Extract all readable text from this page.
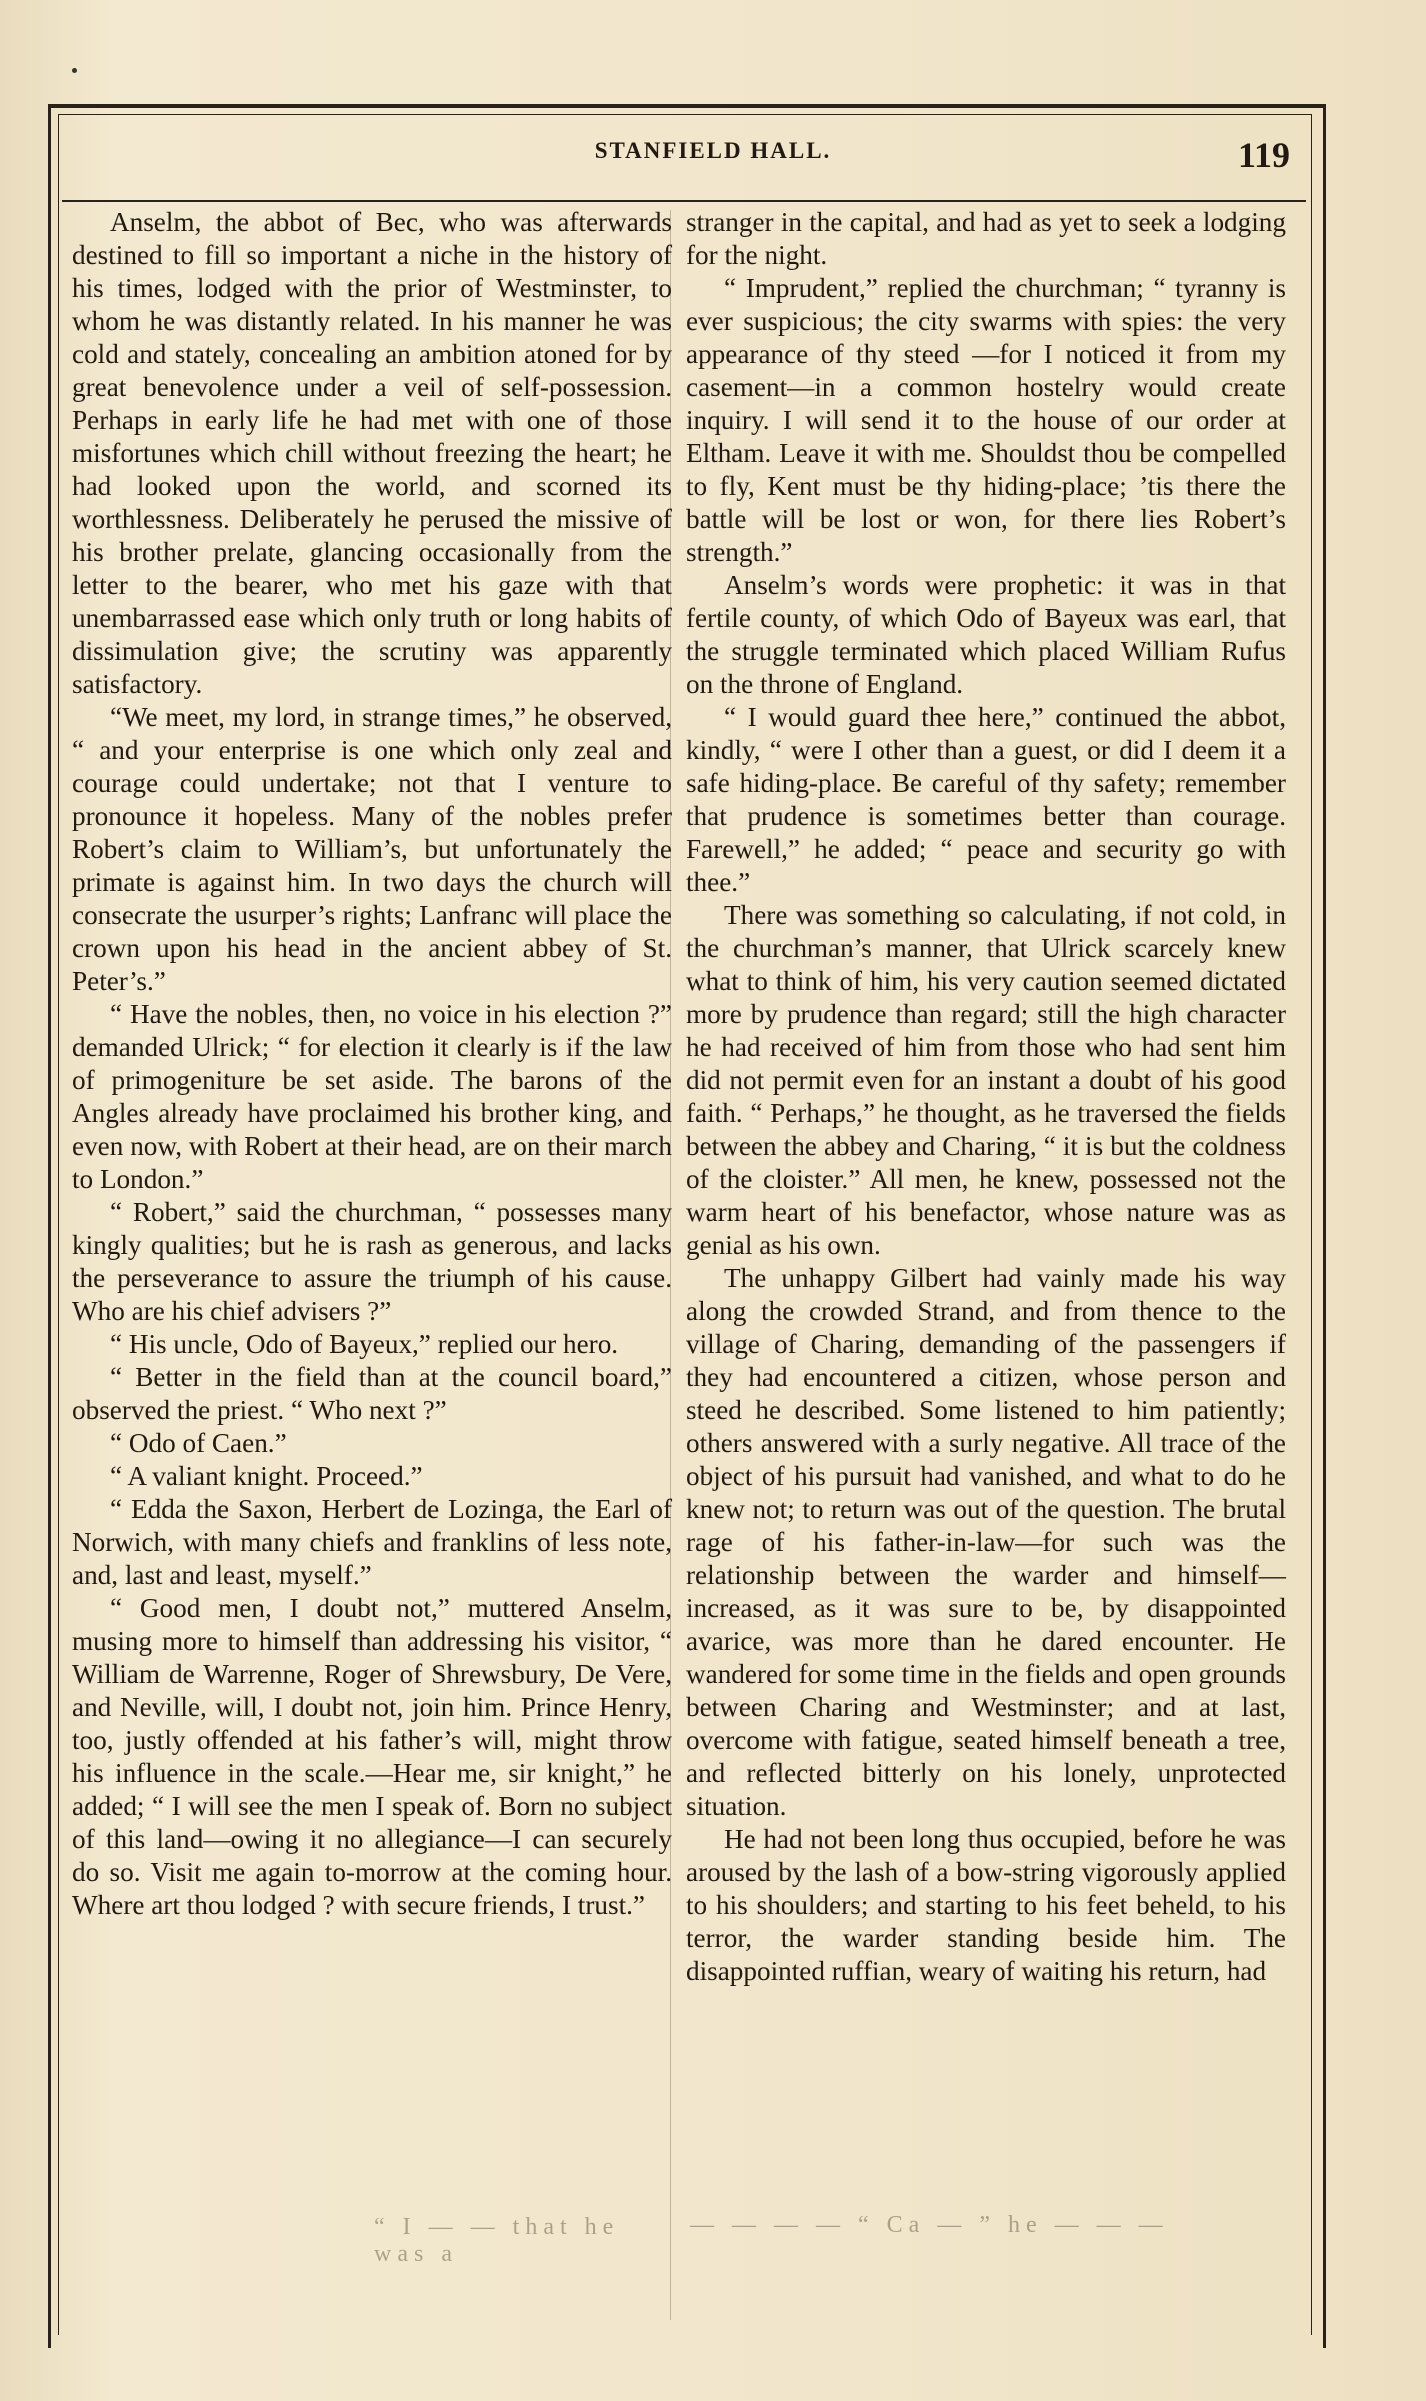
STANFIELD HALL.	119

Anselm, the abbot of Bec, who was afterwards destined to fill so important a niche in the history of his times, lodged with the prior of Westminster, to whom he was distantly related. In his manner he was cold and stately, concealing an ambition atoned for by great benevolence under a veil of self-possession. Perhaps in early life he had met with one of those misfortunes which chill without freezing the heart; he had looked upon the world, and scorned its worthlessness. Deliberately he perused the missive of his brother prelate, glancing occasionally from the letter to the bearer, who met his gaze with that unembarrassed ease which only truth or long habits of dissimulation give; the scrutiny was apparently satisfactory.

“We meet, my lord, in strange times,” he observed, “ and your enterprise is one which only zeal and courage could undertake; not that I venture to pronounce it hopeless. Many of the nobles prefer Robert’s claim to William’s, but unfortunately the primate is against him. In two days the church will consecrate the usurper’s rights; Lanfranc will place the crown upon his head in the ancient abbey of St. Peter’s.”

“ Have the nobles, then, no voice in his election ?” demanded Ulrick; “ for election it clearly is if the law of primogeniture be set aside. The barons of the Angles already have proclaimed his brother king, and even now, with Robert at their head, are on their march to London.”

“ Robert,” said the churchman, “ possesses many kingly qualities; but he is rash as generous, and lacks the perseverance to assure the triumph of his cause. Who are his chief advisers ?”

“ His uncle, Odo of Bayeux,” replied our hero.

“ Better in the field than at the council board,” observed the priest. “ Who next ?”

“ Odo of Caen.”

“ A valiant knight. Proceed.”

“ Edda the Saxon, Herbert de Lozinga, the Earl of Norwich, with many chiefs and franklins of less note, and, last and least, myself.”

“ Good men, I doubt not,” muttered Anselm, musing more to himself than addressing his visitor, “ William de Warrenne, Roger of Shrewsbury, De Vere, and Neville, will, I doubt not, join him. Prince Henry, too, justly offended at his father’s will, might throw his influence in the scale.—Hear me, sir knight,” he added; “ I will see the men I speak of. Born no subject of this land—owing it no allegiance—I can securely do so. Visit me again to-morrow at the coming hour. Where art thou lodged ? with secure friends, I trust.”

stranger in the capital, and had as yet to seek a lodging for the night.

“ Imprudent,” replied the churchman; “ tyranny is ever suspicious; the city swarms with spies: the very appearance of thy steed —for I noticed it from my casement—in a common hostelry would create inquiry. I will send it to the house of our order at Eltham. Leave it with me. Shouldst thou be compelled to fly, Kent must be thy hiding-place; ’tis there the battle will be lost or won, for there lies Robert’s strength.”

Anselm’s words were prophetic: it was in that fertile county, of which Odo of Bayeux was earl, that the struggle terminated which placed William Rufus on the throne of England.

“ I would guard thee here,” continued the abbot, kindly, “ were I other than a guest, or did I deem it a safe hiding-place. Be careful of thy safety; remember that prudence is sometimes better than courage. Farewell,” he added; “ peace and security go with thee.”

There was something so calculating, if not cold, in the churchman’s manner, that Ulrick scarcely knew what to think of him, his very caution seemed dictated more by prudence than regard; still the high character he had received of him from those who had sent him did not permit even for an instant a doubt of his good faith. “ Perhaps,” he thought, as he traversed the fields between the abbey and Charing, “ it is but the coldness of the cloister.” All men, he knew, possessed not the warm heart of his benefactor, whose nature was as genial as his own.

The unhappy Gilbert had vainly made his way along the crowded Strand, and from thence to the village of Charing, demanding of the passengers if they had encountered a citizen, whose person and steed he described. Some listened to him patiently; others answered with a surly negative. All trace of the object of his pursuit had vanished, and what to do he knew not; to return was out of the question. The brutal rage of his father-in-law—for such was the relationship between the warder and himself—increased, as it was sure to be, by disappointed avarice, was more than he dared encounter. He wandered for some time in the fields and open grounds between Charing and Westminster; and at last, overcome with fatigue, seated himself beneath a tree, and reflected bitterly on his lonely, unprotected situation.

He had not been long thus occupied, before he was aroused by the lash of a bow-string vigorously applied to his shoulders; and starting to his feet beheld, to his terror, the warder standing beside him. The disappointed ruffian, weary of waiting his return, had

“ I — — that he was a
— — — — “ Ca — ” he — — —
